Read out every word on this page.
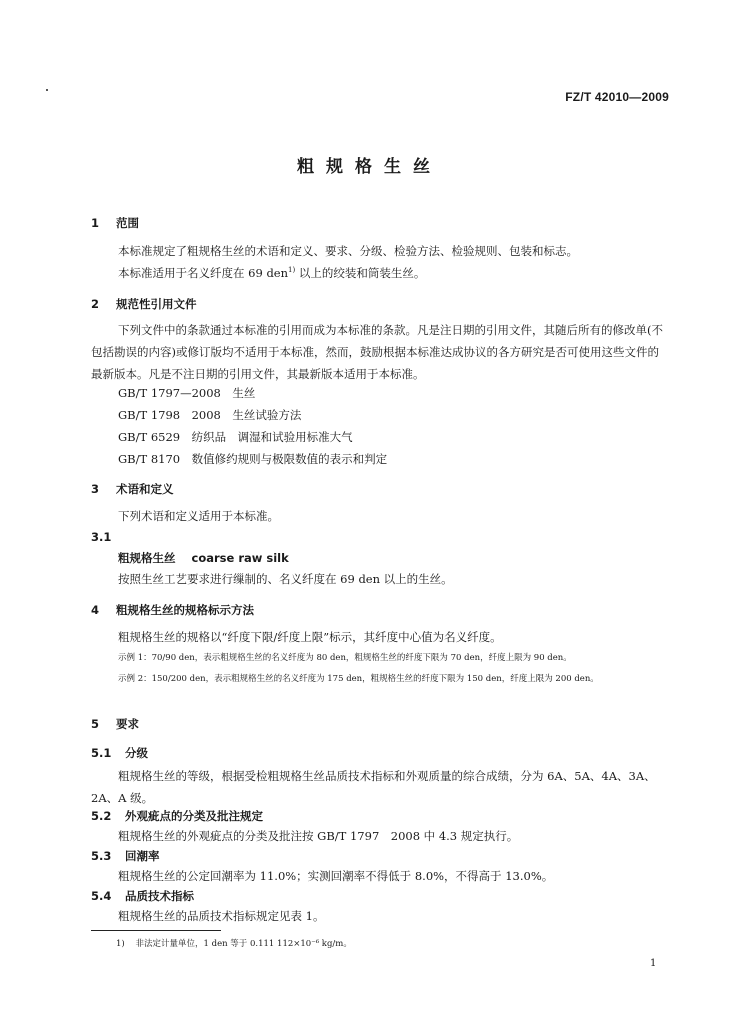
FZ/T 42010—2009
粗规格生丝
1 范围
本标准规定了粗规格生丝的术语和定义、要求、分级、检验方法、检验规则、包装和标志。
本标准适用于名义纤度在 69 den$^{1)}$ 以上的绞装和筒装生丝。
2 规范性引用文件
下列文件中的条款通过本标准的引用而成为本标准的条款。凡是注日期的引用文件，其随后所有的修改单(不包括勘误的内容)或修订版均不适用于本标准，然而，鼓励根据本标准达成协议的各方研究是否可使用这些文件的最新版本。凡是不注日期的引用文件，其最新版本适用于本标准。
GB/T 1797—2008　生丝
GB/T 1798　2008　生丝试验方法
GB/T 6529　纺织品　调湿和试验用标准大气
GB/T 8170　数值修约规则与极限数值的表示和判定
3 术语和定义
下列术语和定义适用于本标准。
3.1
粗规格生丝 coarse raw silk
按照生丝工艺要求进行缫制的、名义纤度在 69 den 以上的生丝。
4 粗规格生丝的规格标示方法
粗规格生丝的规格以“纤度下限/纤度上限”标示，其纤度中心值为名义纤度。
示例 1：70/90 den，表示粗规格生丝的名义纤度为 80 den，粗规格生丝的纤度下限为 70 den，纤度上限为 90 den。
示例 2：150/200 den，表示粗规格生丝的名义纤度为 175 den，粗规格生丝的纤度下限为 150 den，纤度上限为 200 den。
5 要求
5.1 分级
粗规格生丝的等级，根据受检粗规格生丝品质技术指标和外观质量的综合成绩，分为 6A、5A、4A、3A、2A、A 级。
5.2 外观疵点的分类及批注规定
粗规格生丝的外观疵点的分类及批注按 GB/T 1797　2008 中 4.3 规定执行。
5.3 回潮率
粗规格生丝的公定回潮率为 11.0%；实测回潮率不得低于 8.0%，不得高于 13.0%。
5.4 品质技术指标
粗规格生丝的品质技术指标规定见表 1。
1) 非法定计量单位，1 den 等于 0.111 112×10⁻⁶ kg/m。
1
